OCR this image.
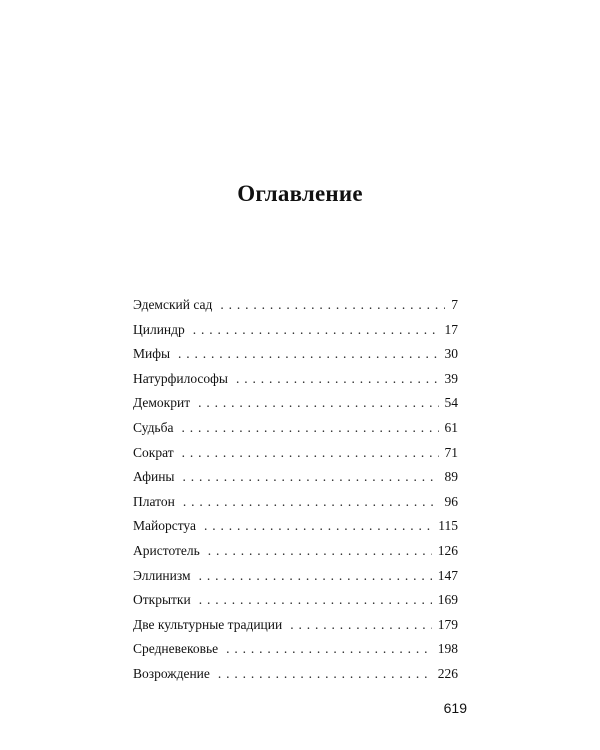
Оглавление
Эдемский сад . . .	7
Цилиндр . . .	17
Мифы . . .	30
Натурфилософы . . .	39
Демокрит . . .	54
Судьба . . .	61
Сократ . . .	71
Афины . . .	89
Платон . . .	96
Майорстуа . . .	115
Аристотель . . .	126
Эллинизм . . .	147
Открытки . . .	169
Две культурные традиции . . .	179
Средневековье . . .	198
Возрождение . . .	226
619
